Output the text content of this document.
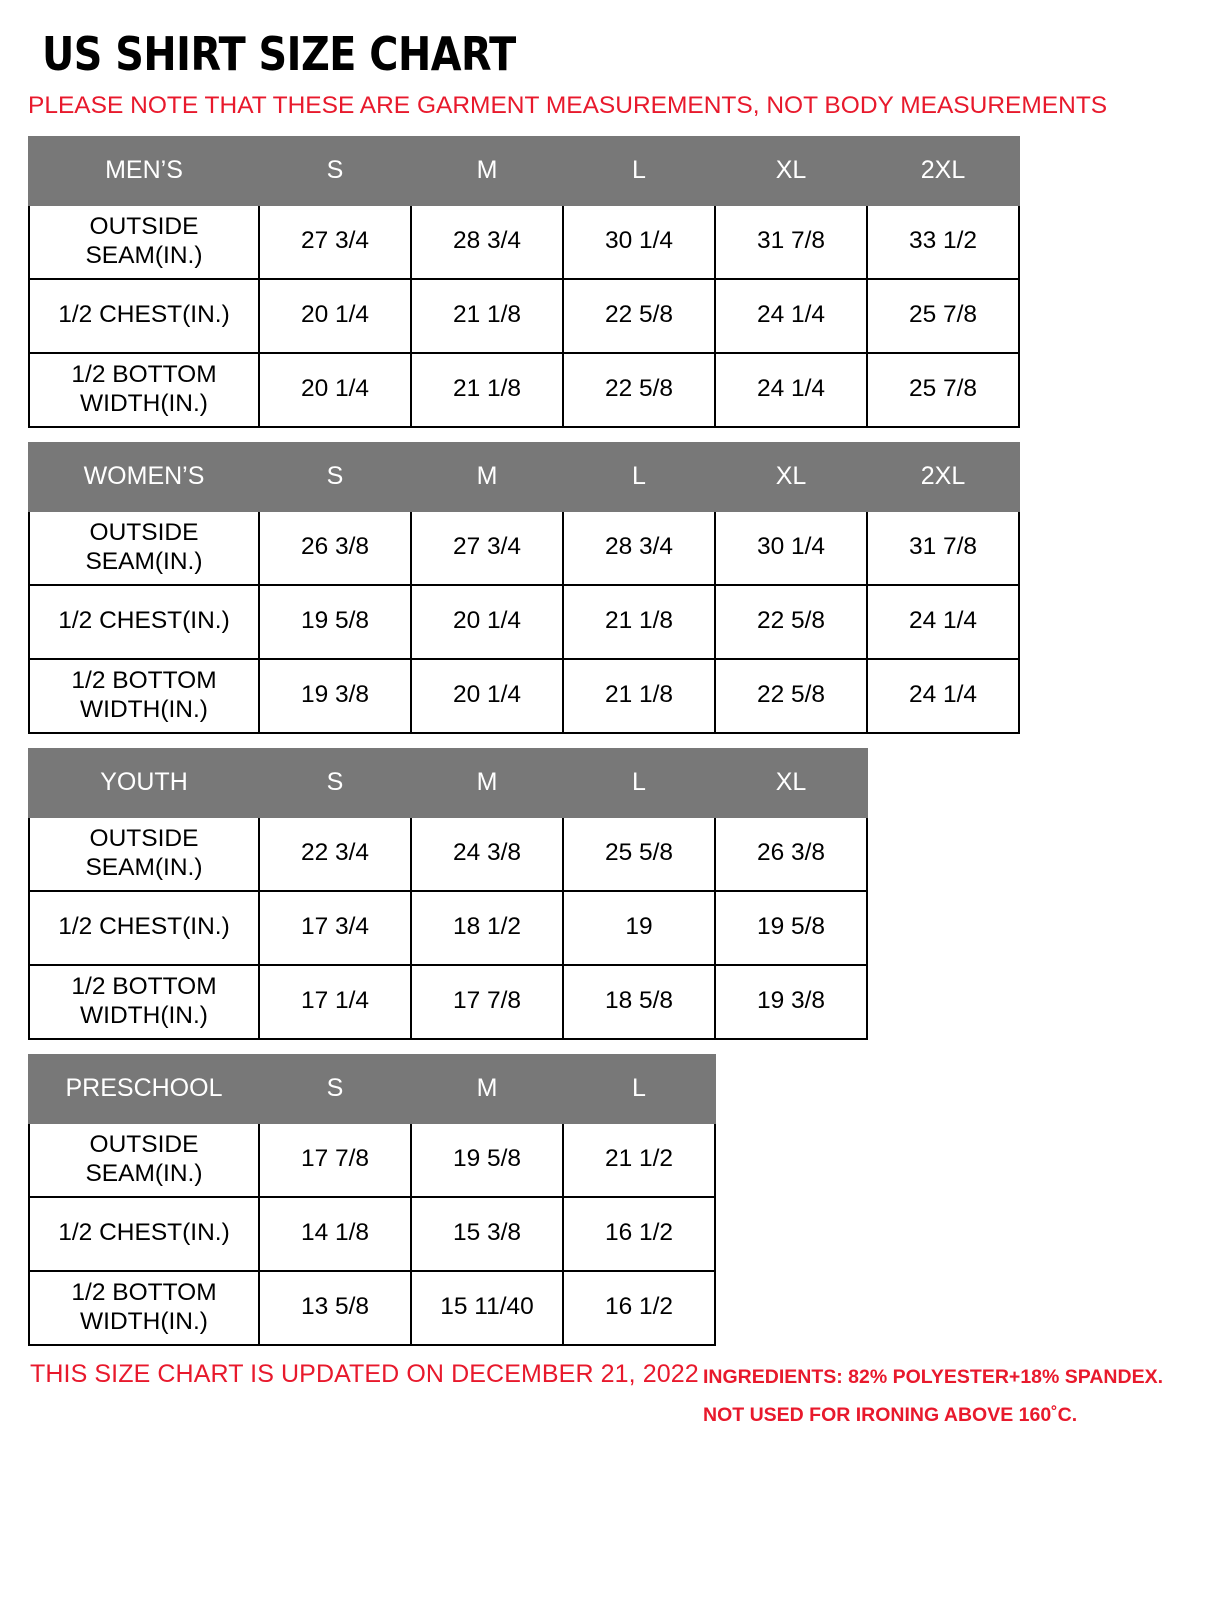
US SHIRT SIZE CHART
PLEASE NOTE THAT THESE ARE GARMENT MEASUREMENTS, NOT BODY MEASUREMENTS
MEN’S	S	M	L	XL	2XL
OUTSIDE SEAM(IN.)	27 3/4	28 3/4	30 1/4	31 7/8	33 1/2
1/2 CHEST(IN.)	20 1/4	21 1/8	22 5/8	24 1/4	25 7/8
1/2 BOTTOM WIDTH(IN.)	20 1/4	21 1/8	22 5/8	24 1/4	25 7/8
WOMEN’S	S	M	L	XL	2XL
OUTSIDE SEAM(IN.)	26 3/8	27 3/4	28 3/4	30 1/4	31 7/8
1/2 CHEST(IN.)	19 5/8	20 1/4	21 1/8	22 5/8	24 1/4
1/2 BOTTOM WIDTH(IN.)	19 3/8	20 1/4	21 1/8	22 5/8	24 1/4
YOUTH	S	M	L	XL
OUTSIDE SEAM(IN.)	22 3/4	24 3/8	25 5/8	26 3/8
1/2 CHEST(IN.)	17 3/4	18 1/2	19	19 5/8
1/2 BOTTOM WIDTH(IN.)	17 1/4	17 7/8	18 5/8	19 3/8
PRESCHOOL	S	M	L
OUTSIDE SEAM(IN.)	17 7/8	19 5/8	21 1/2
1/2 CHEST(IN.)	14 1/8	15 3/8	16 1/2
1/2 BOTTOM WIDTH(IN.)	13 5/8	15 11/40	16 1/2
THIS SIZE CHART IS UPDATED ON DECEMBER 21, 2022 INGREDIENTS: 82% POLYESTER+18% SPANDEX.
NOT USED FOR IRONING ABOVE 160˚C.
